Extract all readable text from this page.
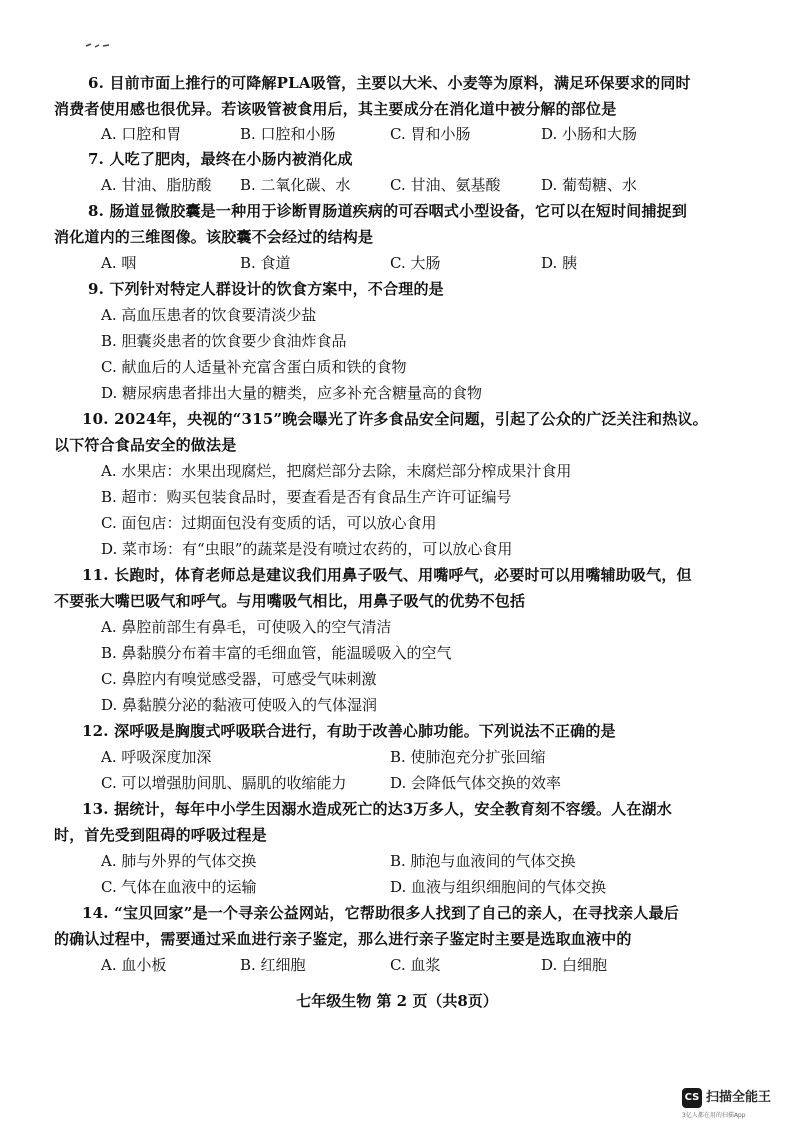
6. 目前市面上推行的可降解PLA吸管，主要以大米、小麦等为原料，满足环保要求的同时
消费者使用感也很优异。若该吸管被食用后，其主要成分在消化道中被分解的部位是
A. 口腔和胃	B. 口腔和小肠	C. 胃和小肠	D. 小肠和大肠
7. 人吃了肥肉，最终在小肠内被消化成
A. 甘油、脂肪酸 B. 二氧化碳、水	C. 甘油、氨基酸	D. 葡萄糖、水
8. 肠道显微胶囊是一种用于诊断胃肠道疾病的可吞咽式小型设备，它可以在短时间捕捉到
消化道内的三维图像。该胶囊不会经过的结构是
A. 咽	B. 食道	C. 大肠	D. 胰
9. 下列针对特定人群设计的饮食方案中，不合理的是
A. 高血压患者的饮食要清淡少盐
B. 胆囊炎患者的饮食要少食油炸食品
C. 献血后的人适量补充富含蛋白质和铁的食物
D. 糖尿病患者排出大量的糖类，应多补充含糖量高的食物
10. 2024年，央视的“315”晚会曝光了许多食品安全问题，引起了公众的广泛关注和热议。
以下符合食品安全的做法是
A. 水果店：水果出现腐烂，把腐烂部分去除，未腐烂部分榨成果汁食用
B. 超市：购买包装食品时，要查看是否有食品生产许可证编号
C. 面包店：过期面包没有变质的话，可以放心食用
D. 菜市场：有“虫眼”的蔬菜是没有喷过农药的，可以放心食用
11. 长跑时，体育老师总是建议我们用鼻子吸气、用嘴呼气，必要时可以用嘴辅助吸气，但
不要张大嘴巴吸气和呼气。与用嘴吸气相比，用鼻子吸气的优势不包括
A. 鼻腔前部生有鼻毛，可使吸入的空气清洁
B. 鼻黏膜分布着丰富的毛细血管，能温暖吸入的空气
C. 鼻腔内有嗅觉感受器，可感受气味刺激
D. 鼻黏膜分泌的黏液可使吸入的气体湿润
12. 深呼吸是胸腹式呼吸联合进行，有助于改善心肺功能。下列说法不正确的是
A. 呼吸深度加深	B. 使肺泡充分扩张回缩
C. 可以增强肋间肌、膈肌的收缩能力	D. 会降低气体交换的效率
13. 据统计，每年中小学生因溺水造成死亡的达3万多人，安全教育刻不容缓。人在湖水
时，首先受到阻碍的呼吸过程是
A. 肺与外界的气体交换	B. 肺泡与血液间的气体交换
C. 气体在血液中的运输	D. 血液与组织细胞间的气体交换
14. “宝贝回家”是一个寻亲公益网站，它帮助很多人找到了自己的亲人，在寻找亲人最后
的确认过程中，需要通过采血进行亲子鉴定，那么进行亲子鉴定时主要是选取血液中的
A. 血小板	B. 红细胞	C. 血浆	D. 白细胞
七年级生物 第 2 页（共8页）
CS 扫描全能王
3亿人都在用的扫描App
